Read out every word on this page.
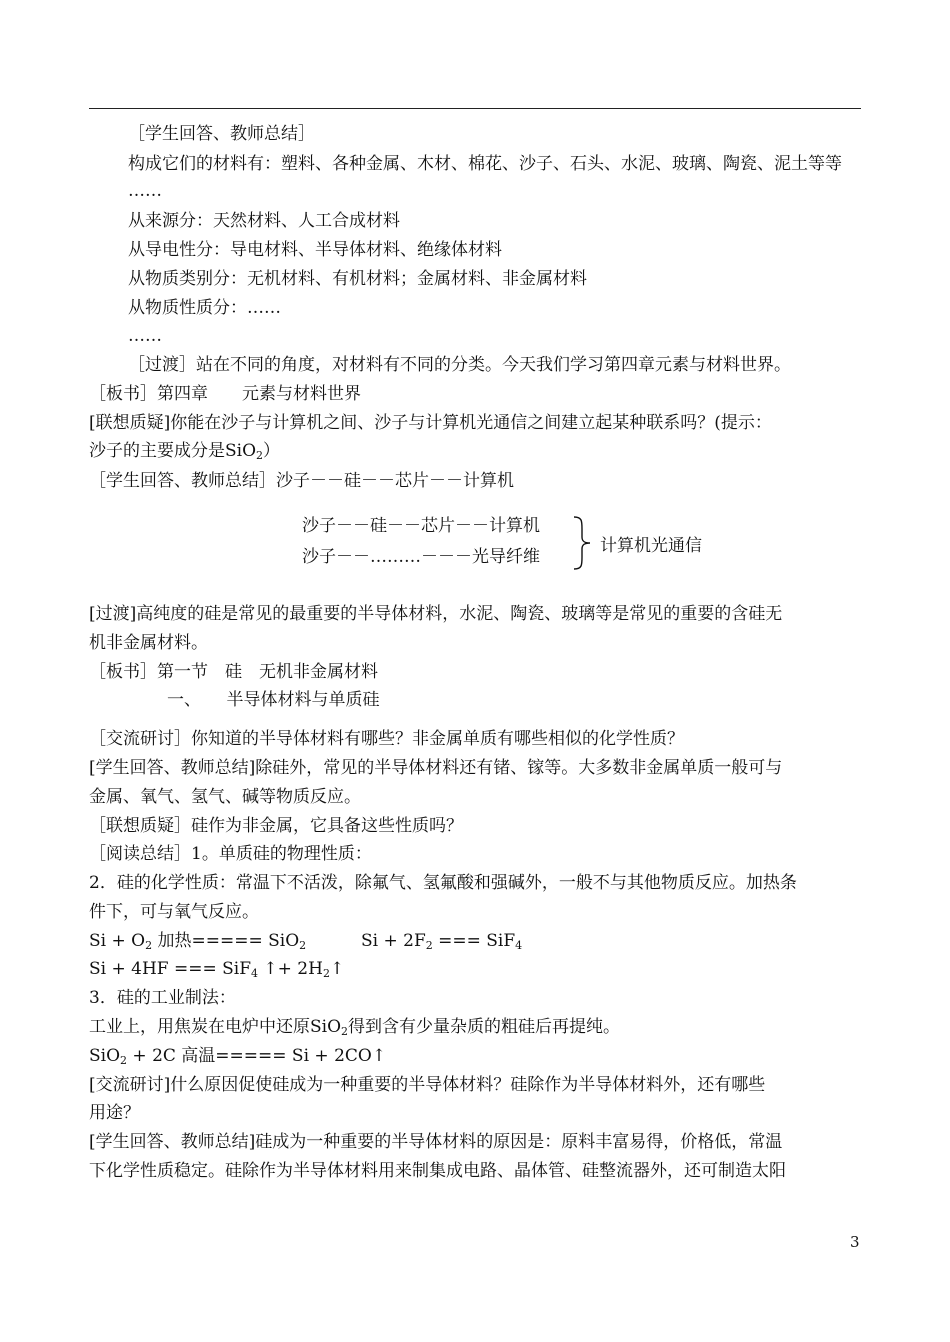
［学生回答、教师总结］
构成它们的材料有：塑料、各种金属、木材、棉花、沙子、石头、水泥、玻璃、陶瓷、泥土等等
……
从来源分：天然材料、人工合成材料
从导电性分：导电材料、半导体材料、绝缘体材料
从物质类别分：无机材料、有机材料；金属材料、非金属材料
从物质性质分：……
……
［过渡］站在不同的角度，对材料有不同的分类。今天我们学习第四章元素与材料世界。
［板书］第四章　　元素与材料世界
[联想质疑]你能在沙子与计算机之间、沙子与计算机光通信之间建立起某种联系吗？(提示：
沙子的主要成分是SiO$_2$）
［学生回答、教师总结］沙子－－硅－－芯片－－计算机
沙子－－硅－－芯片－－计算机
沙子－－………－－－光导纤维
计算机光通信
[过渡]高纯度的硅是常见的最重要的半导体材料，水泥、陶瓷、玻璃等是常见的重要的含硅无
机非金属材料。
［板书］第一节　硅　无机非金属材料
一、　　半导体材料与单质硅
［交流研讨］你知道的半导体材料有哪些？非金属单质有哪些相似的化学性质？
[学生回答、教师总结]除硅外，常见的半导体材料还有锗、镓等。大多数非金属单质一般可与
金属、氧气、氢气、碱等物质反应。
［联想质疑］硅作为非金属，它具备这些性质吗？
［阅读总结］1。单质硅的物理性质：
2．硅的化学性质：常温下不活泼，除氟气、氢氟酸和强碱外，一般不与其他物质反应。加热条
件下，可与氧气反应。
$Si + O_2$ 加热===== SiO$_2$	$Si + 2F_2$ === SiF$_4$
Si + 4HF === SiF$_4$ ↑+ $2H_2↑$
3．硅的工业制法：
工业上，用焦炭在电炉中还原SiO$_2$得到含有少量杂质的粗硅后再提纯。
SiO$_2$ + 2C 高温===== Si + 2CO↑
[交流研讨]什么原因促使硅成为一种重要的半导体材料？硅除作为半导体材料外，还有哪些
用途？
[学生回答、教师总结]硅成为一种重要的半导体材料的原因是：原料丰富易得，价格低，常温
下化学性质稳定。硅除作为半导体材料用来制集成电路、晶体管、硅整流器外，还可制造太阳
3
